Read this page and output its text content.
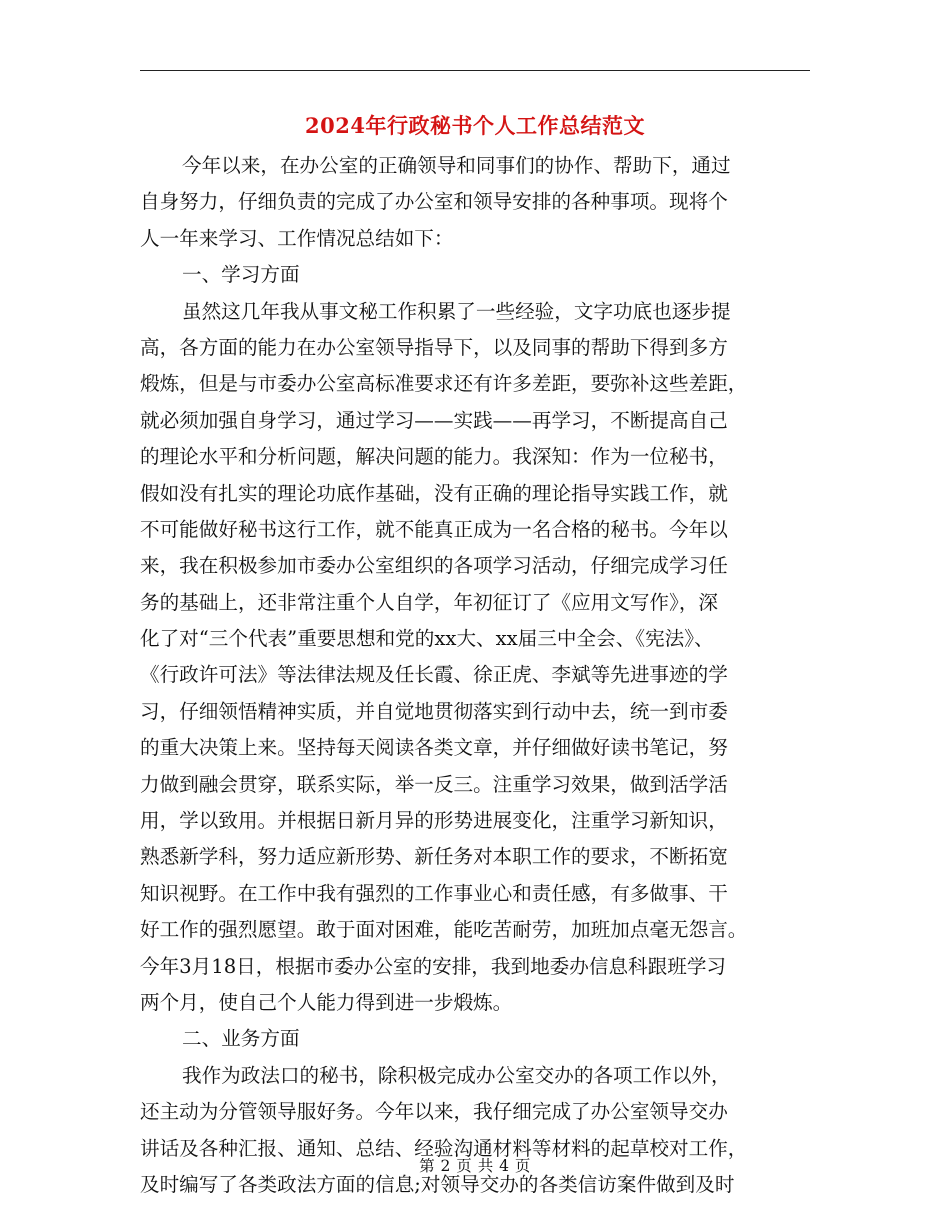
2024年行政秘书个人工作总结范文
今年以来，在办公室的正确领导和同事们的协作、帮助下，通过
自身努力，仔细负责的完成了办公室和领导安排的各种事项。现将个
人一年来学习、工作情况总结如下：
一、学习方面
虽然这几年我从事文秘工作积累了一些经验，文字功底也逐步提
高，各方面的能力在办公室领导指导下，以及同事的帮助下得到多方
煅炼，但是与市委办公室高标准要求还有许多差距，要弥补这些差距，
就必须加强自身学习，通过学习——实践——再学习，不断提高自己
的理论水平和分析问题，解决问题的能力。我深知：作为一位秘书，
假如没有扎实的理论功底作基础，没有正确的理论指导实践工作，就
不可能做好秘书这行工作，就不能真正成为一名合格的秘书。今年以
来，我在积极参加市委办公室组织的各项学习活动，仔细完成学习任
务的基础上，还非常注重个人自学，年初征订了《应用文写作》，深
化了对“三个代表”重要思想和党的xx大、xx届三中全会、《宪法》、
《行政许可法》等法律法规及任长霞、徐正虎、李斌等先进事迹的学
习，仔细领悟精神实质，并自觉地贯彻落实到行动中去，统一到市委
的重大决策上来。坚持每天阅读各类文章，并仔细做好读书笔记，努
力做到融会贯穿，联系实际，举一反三。注重学习效果，做到活学活
用，学以致用。并根据日新月异的形势进展变化，注重学习新知识，
熟悉新学科，努力适应新形势、新任务对本职工作的要求，不断拓宽
知识视野。在工作中我有强烈的工作事业心和责任感，有多做事、干
好工作的强烈愿望。敢于面对困难，能吃苦耐劳，加班加点毫无怨言。
今年3月18日，根据市委办公室的安排，我到地委办信息科跟班学习
两个月，使自己个人能力得到进一步煅炼。
二、业务方面
我作为政法口的秘书，除积极完成办公室交办的各项工作以外，
还主动为分管领导服好务。今年以来，我仔细完成了办公室领导交办
讲话及各种汇报、通知、总结、经验沟通材料等材料的起草校对工作，
及时编写了各类政法方面的信息;对领导交办的各类信访案件做到及时
第 2 页 共 4 页
